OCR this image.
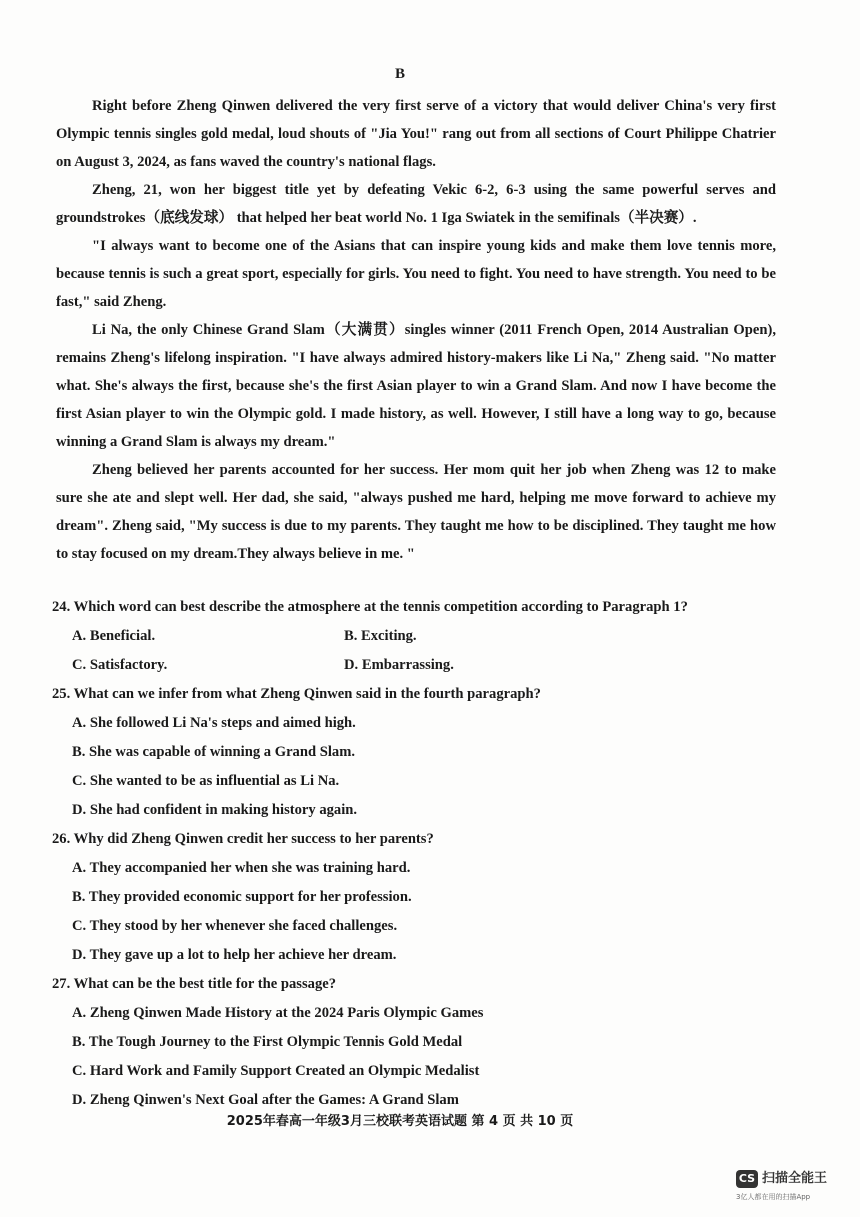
B

Right before Zheng Qinwen delivered the very first serve of a victory that would deliver China's very first Olympic tennis singles gold medal, loud shouts of "Jia You!" rang out from all sections of Court Philippe Chatrier on August 3, 2024, as fans waved the country's national flags.

Zheng, 21, won her biggest title yet by defeating Vekic 6-2, 6-3 using the same powerful serves and groundstrokes（底线发球） that helped her beat world No. 1 Iga Swiatek in the semifinals（半决赛）.

"I always want to become one of the Asians that can inspire young kids and make them love tennis more, because tennis is such a great sport, especially for girls. You need to fight. You need to have strength. You need to be fast," said Zheng.

Li Na, the only Chinese Grand Slam（大满贯）singles winner (2011 French Open, 2014 Australian Open), remains Zheng's lifelong inspiration. "I have always admired history-makers like Li Na," Zheng said. "No matter what. She's always the first, because she's the first Asian player to win a Grand Slam. And now I have become the first Asian player to win the Olympic gold. I made history, as well. However, I still have a long way to go, because winning a Grand Slam is always my dream."

Zheng believed her parents accounted for her success. Her mom quit her job when Zheng was 12 to make sure she ate and slept well. Her dad, she said, "always pushed me hard, helping me move forward to achieve my dream". Zheng said, "My success is due to my parents. They taught me how to be disciplined. They taught me how to stay focused on my dream.They always believe in me. "

24. Which word can best describe the atmosphere at the tennis competition according to Paragraph 1?
A. Beneficial.	B. Exciting.
C. Satisfactory.	D. Embarrassing.
25. What can we infer from what Zheng Qinwen said in the fourth paragraph?
A. She followed Li Na's steps and aimed high.
B. She was capable of winning a Grand Slam.
C. She wanted to be as influential as Li Na.
D. She had confident in making history again.
26. Why did Zheng Qinwen credit her success to her parents?
A. They accompanied her when she was training hard.
B. They provided economic support for her profession.
C. They stood by her whenever she faced challenges.
D. They gave up a lot to help her achieve her dream.
27. What can be the best title for the passage?
A. Zheng Qinwen Made History at the 2024 Paris Olympic Games
B. The Tough Journey to the First Olympic Tennis Gold Medal
C. Hard Work and Family Support Created an Olympic Medalist
D. Zheng Qinwen's Next Goal after the Games: A Grand Slam
2025年春高一年级3月三校联考英语试题 第 4 页 共 10 页
CS 扫描全能王
3亿人都在用的扫描App
